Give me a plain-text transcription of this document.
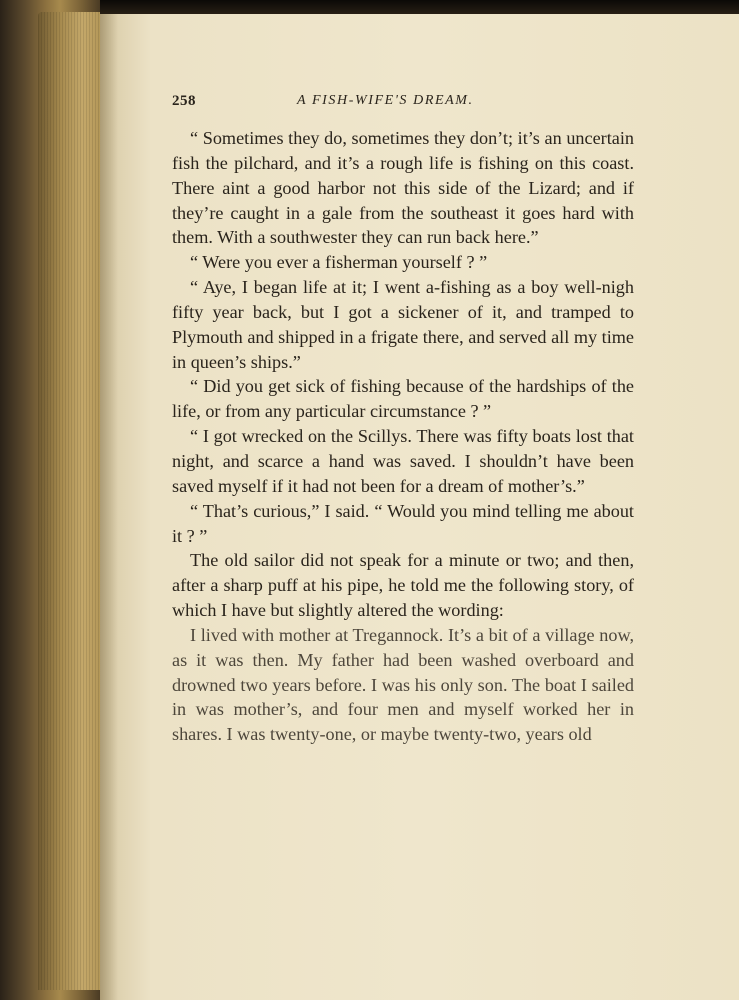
258	A FISH-WIFE'S DREAM.

“ Sometimes they do, sometimes they don’t; it’s an uncertain fish the pilchard, and it’s a rough life is fishing on this coast. There aint a good harbor not this side of the Lizard; and if they’re caught in a gale from the southeast it goes hard with them. With a southwester they can run back here.”

“ Were you ever a fisherman yourself ? ”

“ Aye, I began life at it; I went a-fishing as a boy well-nigh fifty year back, but I got a sickener of it, and tramped to Plymouth and shipped in a frigate there, and served all my time in queen’s ships.”

“ Did you get sick of fishing because of the hardships of the life, or from any particular circumstance ? ”

“ I got wrecked on the Scillys. There was fifty boats lost that night, and scarce a hand was saved. I shouldn’t have been saved myself if it had not been for a dream of mother’s.”

“ That’s curious,” I said. “ Would you mind telling me about it ? ”

The old sailor did not speak for a minute or two; and then, after a sharp puff at his pipe, he told me the following story, of which I have but slightly altered the wording:

I lived with mother at Tregannock. It’s a bit of a village now, as it was then. My father had been washed overboard and drowned two years before. I was his only son. The boat I sailed in was mother’s, and four men and myself worked her in shares. I was twenty-one, or maybe twenty-two, years old
